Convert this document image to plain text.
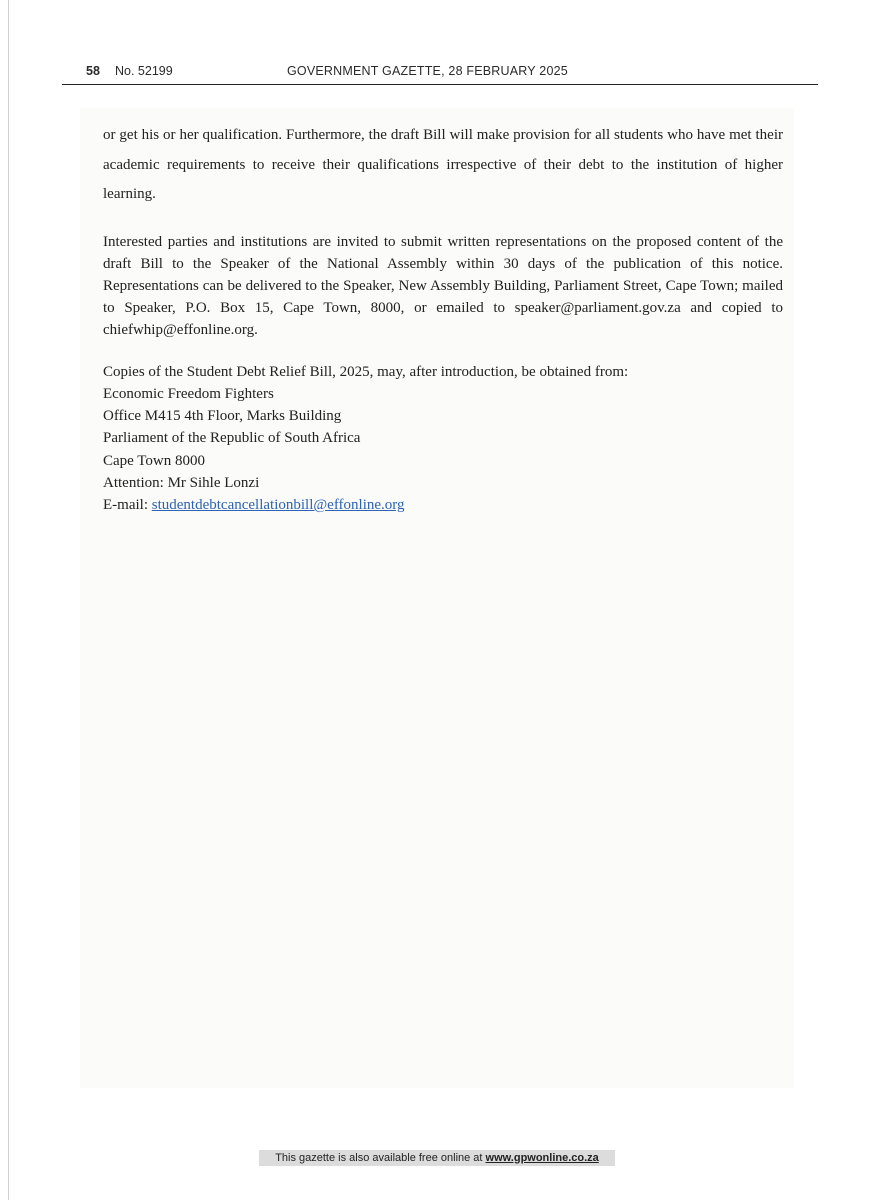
58 No. 52199	GOVERNMENT GAZETTE, 28 FEBRUARY 2025

or get his or her qualification. Furthermore, the draft Bill will make provision for all students who have met their academic requirements to receive their qualifications irrespective of their debt to the institution of higher learning.

Interested parties and institutions are invited to submit written representations on the proposed content of the draft Bill to the Speaker of the National Assembly within 30 days of the publication of this notice. Representations can be delivered to the Speaker, New Assembly Building, Parliament Street, Cape Town; mailed to Speaker, P.O. Box 15, Cape Town, 8000, or emailed to speaker@parliament.gov.za and copied to chiefwhip@effonline.org.

Copies of the Student Debt Relief Bill, 2025, may, after introduction, be obtained from:
Economic Freedom Fighters
Office M415 4th Floor, Marks Building
Parliament of the Republic of South Africa
Cape Town 8000
Attention: Mr Sihle Lonzi
E-mail: studentdebtcancellationbill@effonline.org
This gazette is also available free online at www.gpwonline.co.za
